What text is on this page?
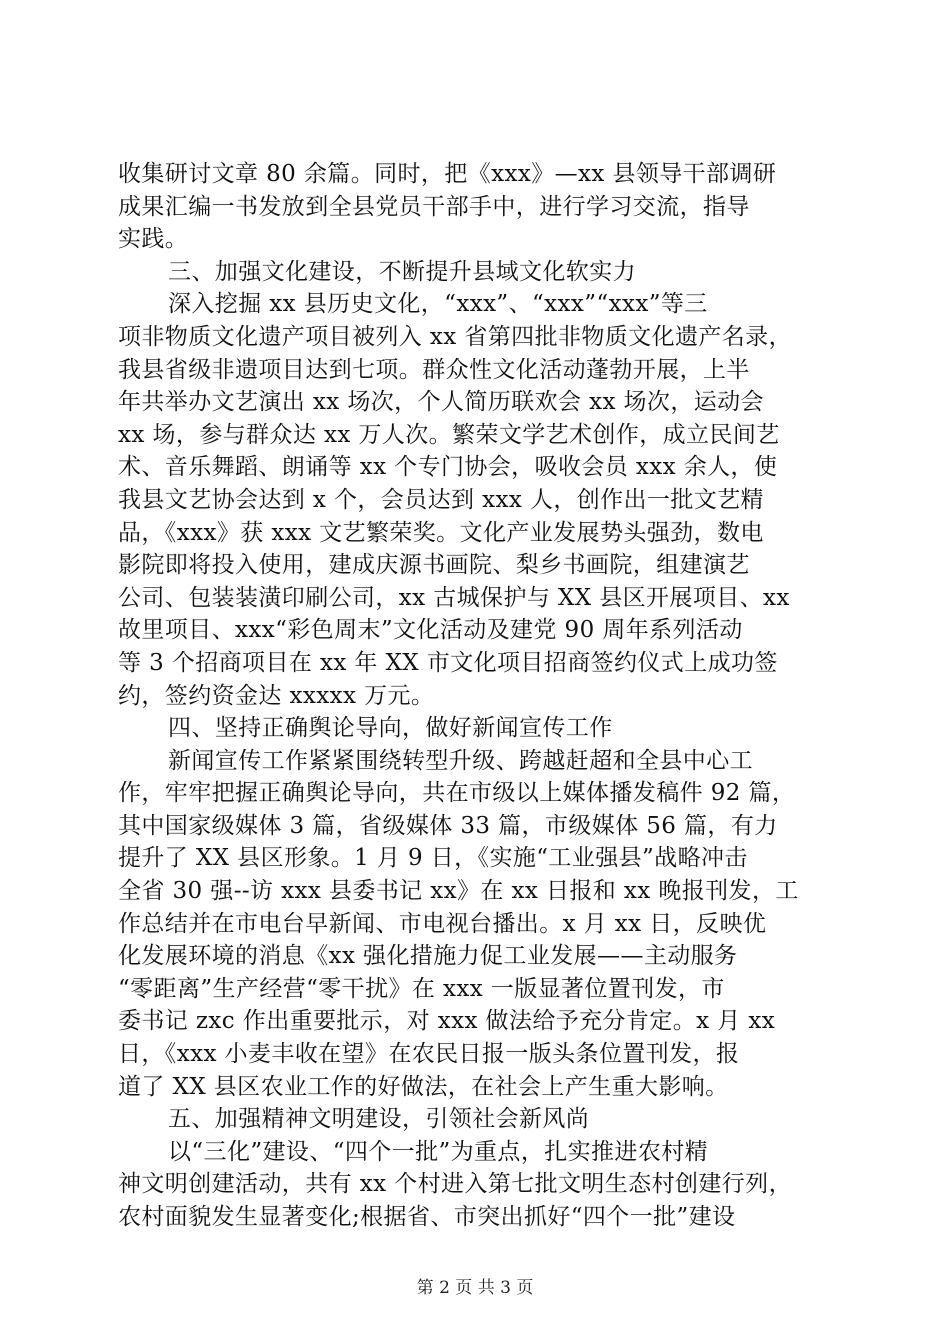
收集研讨文章 80 余篇。同时，把《xxx》—xx 县领导干部调研
成果汇编一书发放到全县党员干部手中，进行学习交流，指导
实践。
三、加强文化建设，不断提升县域文化软实力
深入挖掘 xx 县历史文化，“xxx”、“xxx”“xxx”等三
项非物质文化遗产项目被列入 xx 省第四批非物质文化遗产名录，
我县省级非遗项目达到七项。群众性文化活动蓬勃开展，上半
年共举办文艺演出 xx 场次，个人简历联欢会 xx 场次，运动会
xx 场，参与群众达 xx 万人次。繁荣文学艺术创作，成立民间艺
术、音乐舞蹈、朗诵等 xx 个专门协会，吸收会员 xxx 余人，使
我县文艺协会达到 x 个，会员达到 xxx 人，创作出一批文艺精
品，《xxx》获 xxx 文艺繁荣奖。文化产业发展势头强劲，数电
影院即将投入使用，建成庆源书画院、梨乡书画院，组建演艺
公司、包装装潢印刷公司，xx 古城保护与 XX 县区开展项目、xx
故里项目、xxx“彩色周末”文化活动及建党 90 周年系列活动
等 3 个招商项目在 xx 年 XX 市文化项目招商签约仪式上成功签
约，签约资金达 xxxxx 万元。
四、坚持正确舆论导向，做好新闻宣传工作
新闻宣传工作紧紧围绕转型升级、跨越赶超和全县中心工
作，牢牢把握正确舆论导向，共在市级以上媒体播发稿件 92 篇，
其中国家级媒体 3 篇，省级媒体 33 篇，市级媒体 56 篇，有力
提升了 XX 县区形象。1 月 9 日，《实施“工业强县”战略冲击
全省 30 强--访 xxx 县委书记 xx》在 xx 日报和 xx 晚报刊发，工
作总结并在市电台早新闻、市电视台播出。x 月 xx 日，反映优
化发展环境的消息《xx 强化措施力促工业发展——主动服务
“零距离”生产经营“零干扰》在 xxx 一版显著位置刊发，市
委书记 zxc 作出重要批示，对 xxx 做法给予充分肯定。x 月 xx
日，《xxx 小麦丰收在望》在农民日报一版头条位置刊发，报
道了 XX 县区农业工作的好做法，在社会上产生重大影响。
五、加强精神文明建设，引领社会新风尚
以“三化”建设、“四个一批”为重点，扎实推进农村精
神文明创建活动，共有 xx 个村进入第七批文明生态村创建行列，
农村面貌发生显著变化;根据省、市突出抓好“四个一批”建设
第 2 页 共 3 页
